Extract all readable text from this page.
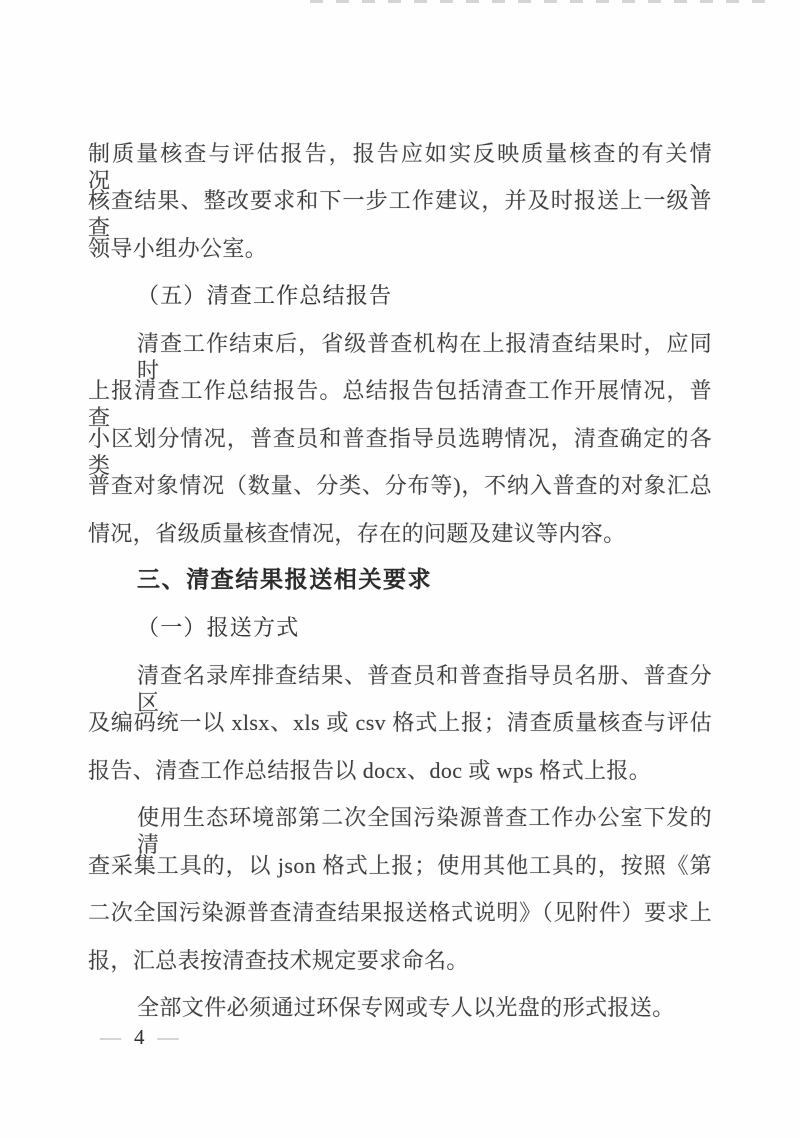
制质量核查与评估报告，报告应如实反映质量核查的有关情况、
核查结果、整改要求和下一步工作建议，并及时报送上一级普查
领导小组办公室。
（五）清查工作总结报告
清查工作结束后，省级普查机构在上报清查结果时，应同时
上报清查工作总结报告。总结报告包括清查工作开展情况，普查
小区划分情况，普查员和普查指导员选聘情况，清查确定的各类
普查对象情况（数量、分类、分布等)，不纳入普查的对象汇总
情况，省级质量核查情况，存在的问题及建议等内容。
三、清查结果报送相关要求
（一）报送方式
清查名录库排查结果、普查员和普查指导员名册、普查分区
及编码统一以 xlsx、xls 或 csv 格式上报；清查质量核查与评估
报告、清查工作总结报告以 docx、doc 或 wps 格式上报。
使用生态环境部第二次全国污染源普查工作办公室下发的清
查采集工具的，以 json 格式上报；使用其他工具的，按照《第
二次全国污染源普查清查结果报送格式说明》（见附件）要求上
报，汇总表按清查技术规定要求命名。
全部文件必须通过环保专网或专人以光盘的形式报送。
— 4 —
